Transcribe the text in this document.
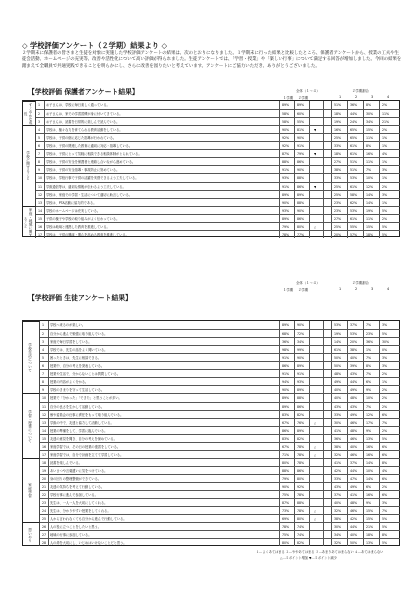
◇ 学校評価アンケート（２学期）結果より ◇
２学期末に保護者の皆さまと生徒を対象に実施した学校評価アンケートの結果は、次のとおりになりました。１学期末に行った結果と比較したところ、保護者アンケートから、授業の工夫や生徒会活動、ホームページの充実等、改善や活性化について高い評価が得られました。生徒アンケートでは、「学習・授業」や「楽しい行事」について満足する回答が増加しました。今回の結果を踏まえて全職員で共通実践できることを明らかにし、さらに改善を図りたいと考えています。アンケートにご協力いただき、ありがとうございました。
【学校評価 保護者アンケート結果】	全体（１～４）	２学期割合
１学期 ２学期	1	2	3	4
すこやかな成長
学校に関すること
家庭・地域に関すること
1 お子さんは、学校に毎日楽しく通っている。	89% 89%	51%	36%	8%	2%
2 お子さんは、家での学習習慣が身に付いてきている。	58% 60%	18%	44%	30%	11%
3 お子さんは、読書を日常的に楽しんで読んでいる。	58% 55%	19%	24%	34%	21%
4 学校は、様々な力を育てられる教育活動をしている。	90% 81%	▼	16%	65%	15%	2%
5 学校は、子供の個に応じた指導が行われている。	92% 90%	25%	65%	11%	1%
6 学校は、子供の関連した教育に適切に対応・指導している。	92% 91%	33%	61%	8%	1%
7 学校は、子供にとって気軽に相談できる相談体制がとられている。	87% 79%	▼	18%	61%	16%	4%
8 学校は、子供の安全を保護者と連絡し合いながら進めている。	88% 86%	27%	51%	11%	1%
9 学校は、子供の安全指導・事故防止に努めている。	91% 90%	38%	51%	7%	3%
10 学校は、学校行事で子供の活躍を実感できるよう工夫している。	93% 88%	33%	53%	10%	1%
11 学級通信等は、適切な情報が伝わるよう工夫している。	91% 86%	▼	25%	61%	12%	2%
12 学校は、家庭での学習・生活について適切に助言している。	89% 89%	25%	58%	14%	3%
13 学校は、PTA活動に協力的である。	90% 88%	23%	62%	14%	1%
14 学校のホームページは充実している。	93% 90%	23%	53%	19%	5%
15 子供の様子や学校の取り組みがよく伝わっている。	89% 86%	27%	61%	11%	2%
16 学校は地域と連携した教育を推進している。	79% 80%	△	25%	55%	15%	5%
17 学校は、子供の興味・関心を高める教育を推進している。	78% 77%	20%	57%	18%	5%
【学校評価 生徒アンケート結果】
全体（１～４）	２学期割合
１学期 ２学期	1	2	3	4
学校生活について
学習・授業について
家庭学習
思いやり
1 学校へ来るのが楽しい。	89% 90%	53%	37%	7%	3%
2 自分から進んで勉強に取り組んでいる。	68% 72%	19%	53%	23%	5%
3 家庭で毎日学習をしている。	36% 34%	14%	20%	36%	30%
4 学校では、先生の話をよく聞いている。	98% 99%	61%	38%	1%	0%
5 困ったときは、先生に相談できる。	91% 90%	50%	40%	7%	3%
6 授業中、自分の考えを発表している。	86% 89%	50%	39%	8%	3%
7 授業や生活で、分からないことは質問している。	91% 91%	48%	43%	7%	2%
8 授業の内容がよく分かる。	94% 93%	49%	44%	6%	1%
9 学校のきまりを守って生活している。	90% 89%	40%	49%	9%	2%
10 授業で「分かった」「できた」と思うことが多い。	89% 88%	40%	48%	10%	2%
11 自分の良さを生かして活動している。	89% 86%	43%	43%	7%	2%
12 係や委員会の仕事に責任をもって取り組んでいる。	83% 82%	33%	49%	12%	6%
13 学級の中で、友達と協力して活動している。	67% 76%	△	30%	46%	17%	7%
14 授業の準備をして、学習に臨んでいる。	86% 89%	41%	48%	9%	2%
15 友達の意見を聞き、自分の考えを深めている。	83% 82%	36%	46%	13%	5%
16 家庭学習では、その日の授業の復習をしている。	67% 78%	△	38%	40%	16%	6%
17 家庭学習では、自分で計画を立てて学習している。	71% 78%	△	32%	46%	16%	6%
18 読書を楽しんでいる。	80% 78%	41%	37%	14%	8%
19 あいさつや言葉遣いに気をつけている。	88% 86%	42%	44%	10%	4%
20 身の回りの整理整頓ができている。	79% 80%	33%	47%	14%	6%
21 友達の気持ちを考えて行動している。	90% 92%	43%	49%	6%	2%
22 学校行事に進んで参加している。	75% 78%	37%	41%	16%	6%
23 先生は、一人一人を大切にしてくれる。	87% 88%	40%	48%	9%	3%
24 先生は、分かりやすい授業をしてくれる。	73% 78%	△	32%	46%	15%	7%
25 人から言われなくても自分から進んで行動している。	69% 80%	△	38%	42%	15%	5%
26 人の役に立つことをしたいと思う。	78% 74%	30%	44%	21%	5%
27 地域の行事に参加している。	75% 74%	34%	40%	18%	8%
28 人の命を大切にし、いじめはいけないことだと思う。	80% 82%	32%	50%	13%	5%
１…よくあてはまる ２…ややあてはまる ３…あまりあてはまらない ４…あてはまらない
△…５ポイント増加 ▼…５ポイント減少
